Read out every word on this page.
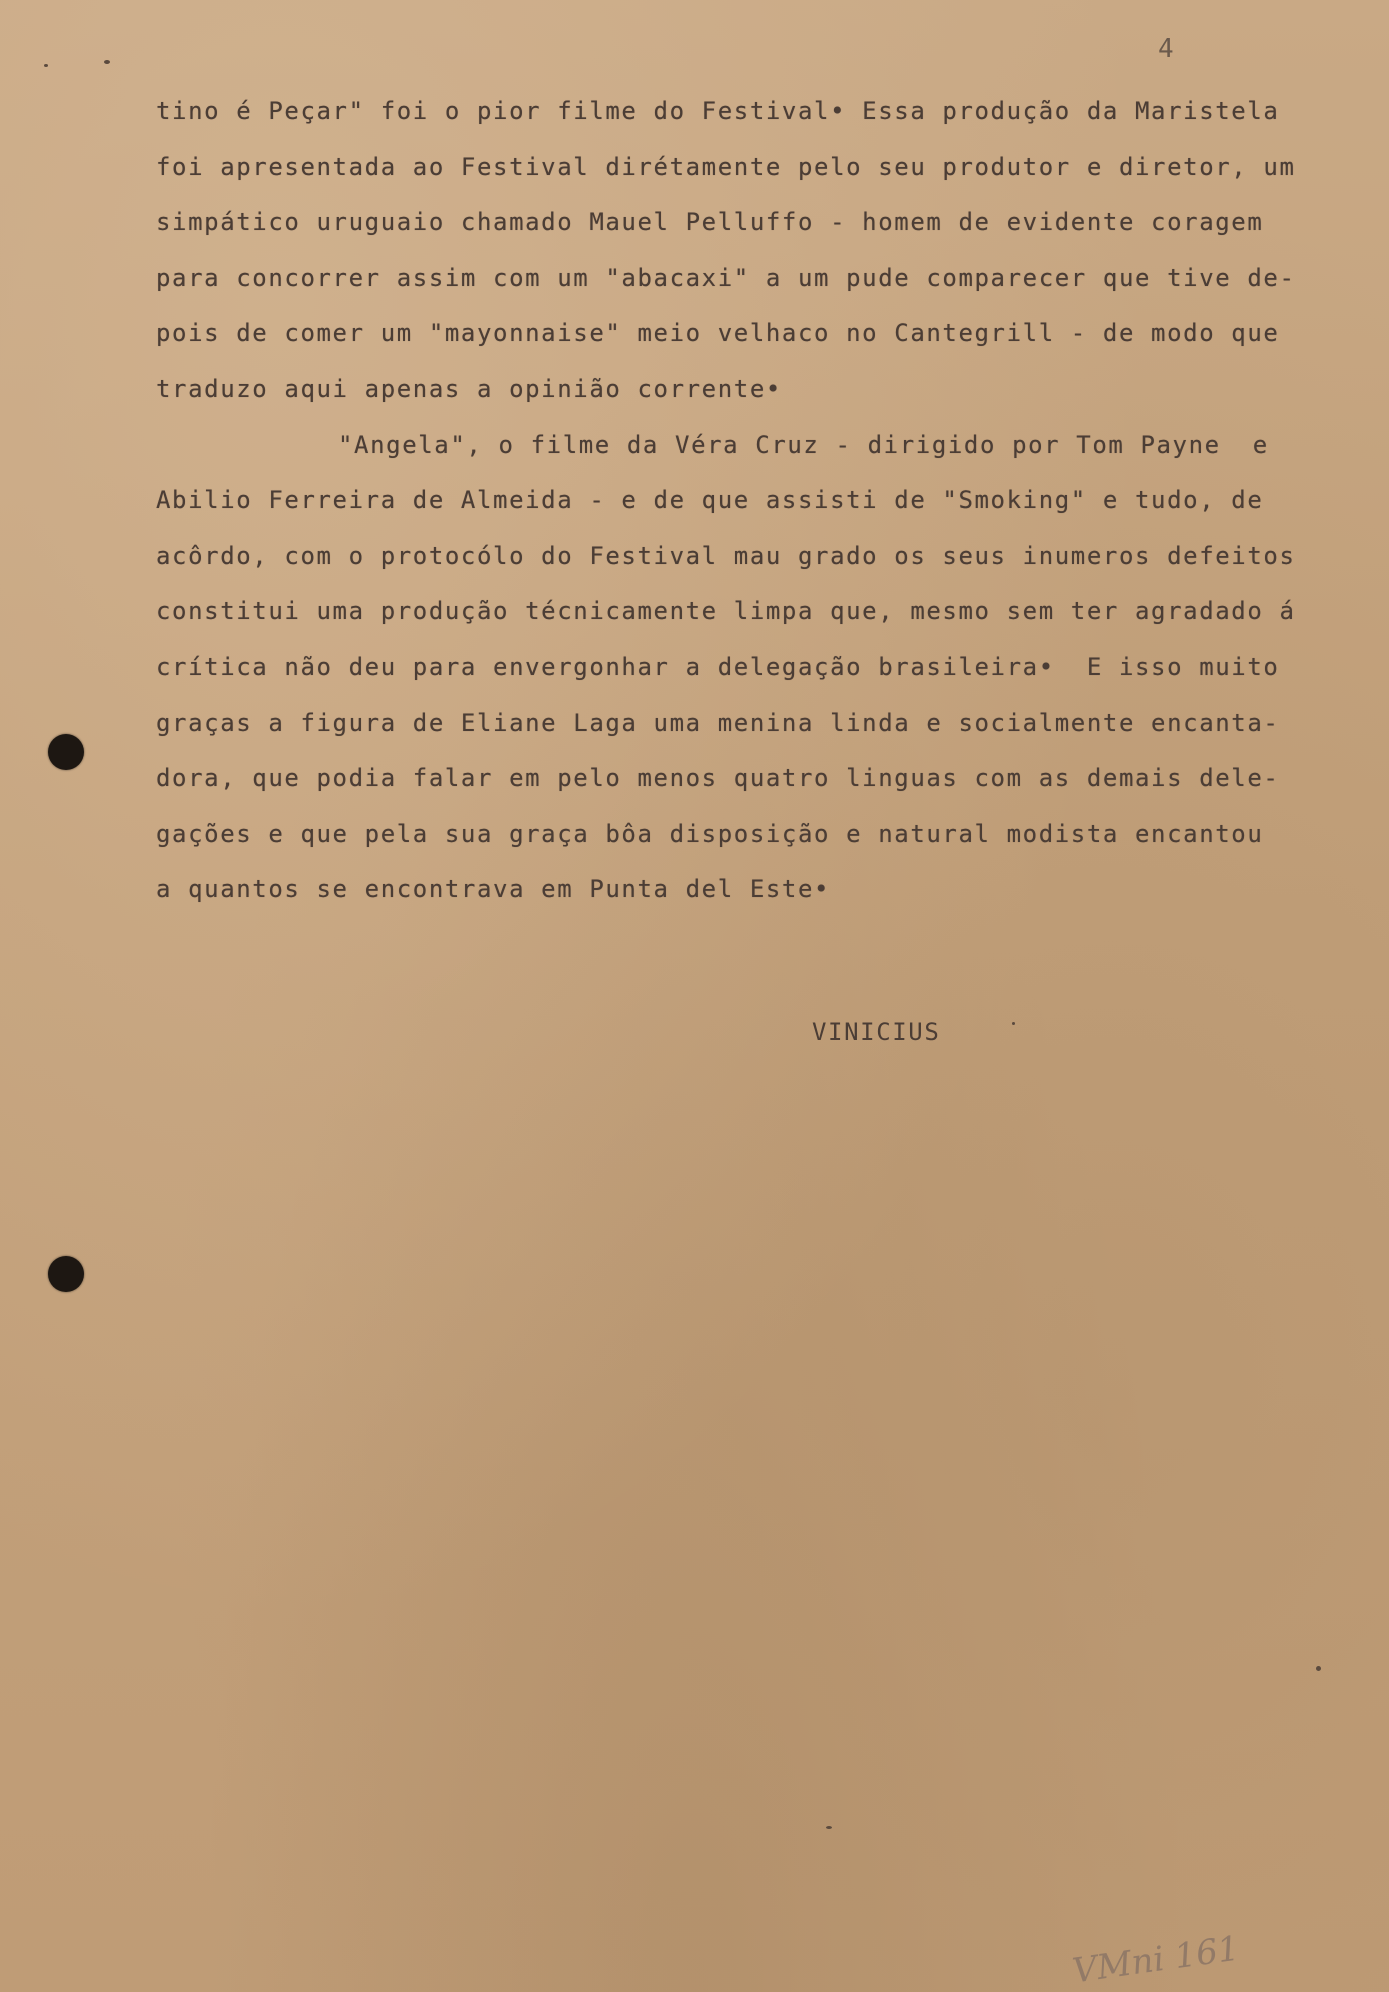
4
tino é Peçar" foi o pior filme do Festival• Essa produção da Maristela
foi apresentada ao Festival dirétamente pelo seu produtor e diretor, um
simpático uruguaio chamado Mauel Pelluffo - homem de evidente coragem
para concorrer assim com um "abacaxi" a um pude comparecer que tive de-
pois de comer um "mayonnaise" meio velhaco no Cantegrill - de modo que
traduzo aqui apenas a opinião corrente•
"Angela", o filme da Véra Cruz - dirigido por Tom Payne  e
Abilio Ferreira de Almeida - e de que assisti de "Smoking" e tudo, de
acôrdo, com o protocólo do Festival mau grado os seus inumeros defeitos
constitui uma produção técnicamente limpa que, mesmo sem ter agradado á
crítica não deu para envergonhar a delegação brasileira•  E isso muito
graças a figura de Eliane Laga uma menina linda e socialmente encanta-
dora, que podia falar em pelo menos quatro linguas com as demais dele-
gações e que pela sua graça bôa disposição e natural modista encantou
a quantos se encontrava em Punta del Este•
VINICIUS
VMni 161
